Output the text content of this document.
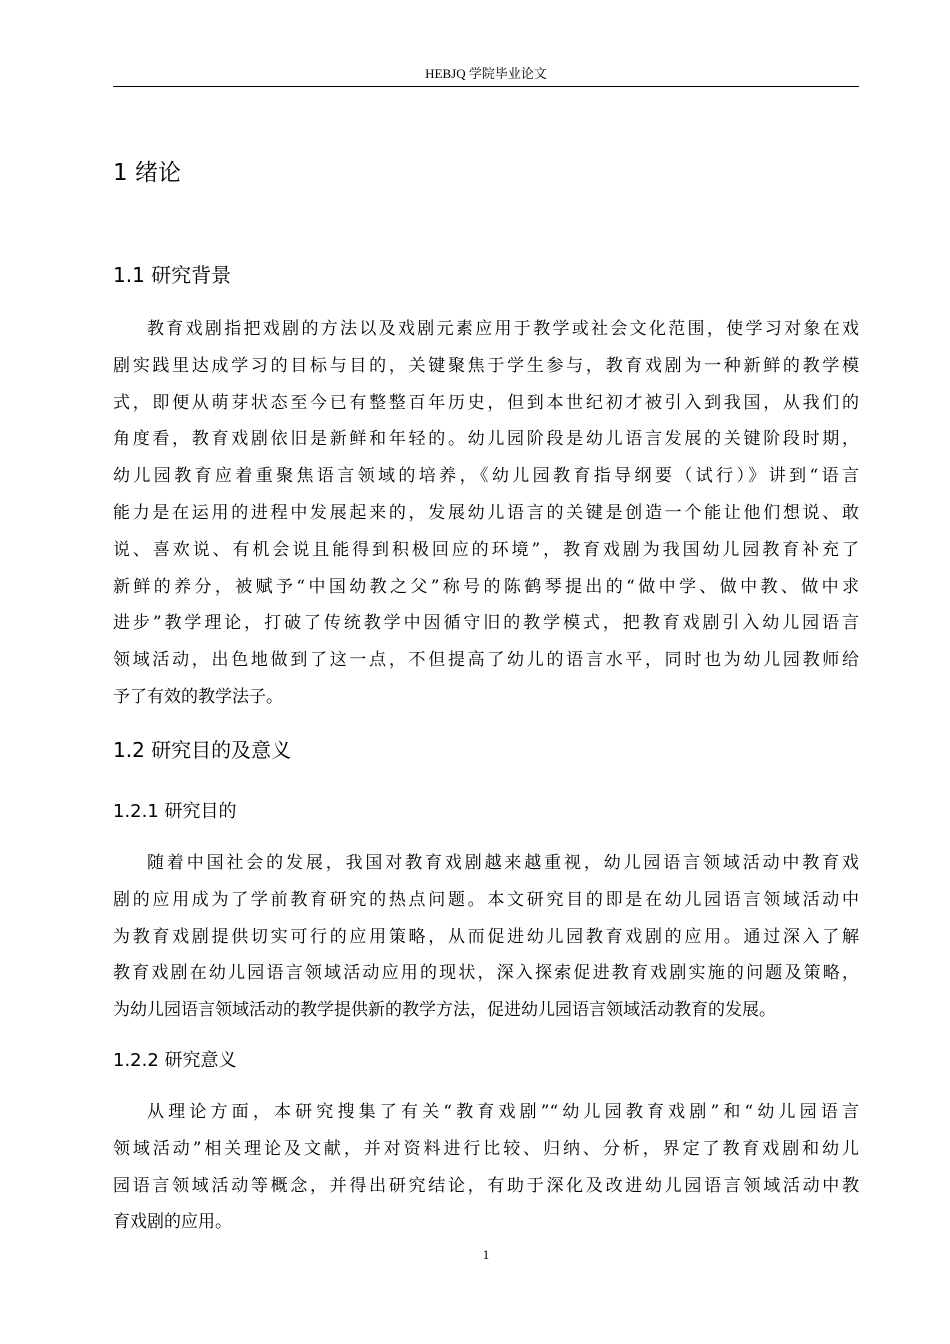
HEBJQ 学院毕业论文
1 绪论
1.1 研究背景
教育戏剧指把戏剧的方法以及戏剧元素应用于教学或社会文化范围，使学习对象在戏
剧实践里达成学习的目标与目的，关键聚焦于学生参与，教育戏剧为一种新鲜的教学模
式，即便从萌芽状态至今已有整整百年历史，但到本世纪初才被引入到我国，从我们的
角度看，教育戏剧依旧是新鲜和年轻的。幼儿园阶段是幼儿语言发展的关键阶段时期，
幼儿园教育应着重聚焦语言领域的培养，《幼儿园教育指导纲要（试行）》讲到“语言
能力是在运用的进程中发展起来的，发展幼儿语言的关键是创造一个能让他们想说、敢
说、喜欢说、有机会说且能得到积极回应的环境”，教育戏剧为我国幼儿园教育补充了
新鲜的养分，被赋予“中国幼教之父”称号的陈鹤琴提出的“做中学、做中教、做中求
进步”教学理论，打破了传统教学中因循守旧的教学模式，把教育戏剧引入幼儿园语言
领域活动，出色地做到了这一点，不但提高了幼儿的语言水平，同时也为幼儿园教师给
予了有效的教学法子。
1.2 研究目的及意义
1.2.1 研究目的
随着中国社会的发展，我国对教育戏剧越来越重视，幼儿园语言领域活动中教育戏
剧的应用成为了学前教育研究的热点问题。本文研究目的即是在幼儿园语言领域活动中
为教育戏剧提供切实可行的应用策略，从而促进幼儿园教育戏剧的应用。通过深入了解
教育戏剧在幼儿园语言领域活动应用的现状，深入探索促进教育戏剧实施的问题及策略，
为幼儿园语言领域活动的教学提供新的教学方法，促进幼儿园语言领域活动教育的发展。
1.2.2 研究意义
从理论方面，本研究搜集了有关“教育戏剧”“幼儿园教育戏剧”和“幼儿园语言
领域活动”相关理论及文献，并对资料进行比较、归纳、分析，界定了教育戏剧和幼儿
园语言领域活动等概念，并得出研究结论，有助于深化及改进幼儿园语言领域活动中教
育戏剧的应用。
1
